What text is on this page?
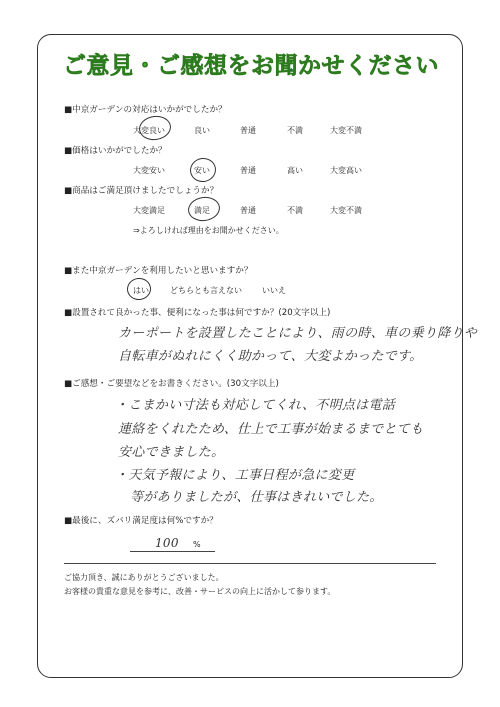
ご意見・ご感想をお聞かせください
■中京ガーデンの対応はいかがでしたか？
大変良い	良い	普通	不満	大変不満
■価格はいかがでしたか？
大変安い	安い	普通	高い	大変高い
■商品はご満足頂けましたでしょうか？
大変満足	満足	普通	不満	大変不満
⇒よろしければ理由をお聞かせください。
■また中京ガーデンを利用したいと思いますか？
はい	どちらとも言えない	いいえ
■設置されて良かった事、便利になった事は何ですか？(20文字以上)
カーポートを設置したことにより、雨の時、車の乗り降りや
自転車がぬれにくく助かって、大変よかったです。
■ご感想・ご要望などをお書きください。(30文字以上)
・こまかい寸法も対応してくれ、不明点は電話
連絡をくれたため、仕上で工事が始まるまでとても
安心できました。
・天気予報により、工事日程が急に変更
等がありましたが、仕事はきれいでした。
■最後に、ズバリ満足度は何%ですか？
100 %
ご協力頂き、誠にありがとうございました。
お客様の貴重な意見を参考に、改善・サービスの向上に活かして参ります。
